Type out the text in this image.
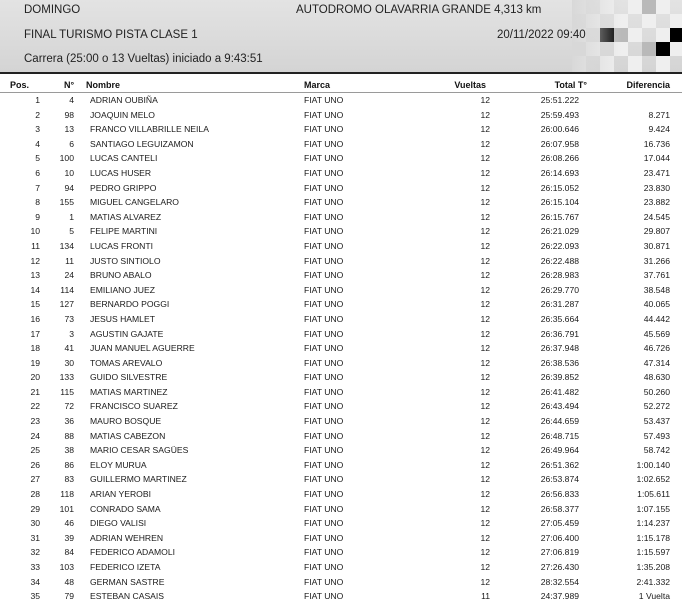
DOMINGO	AUTODROMO OLAVARRIA GRANDE 4,313 km
FINAL TURISMO PISTA CLASE 1	20/11/2022 09:40
Carrera (25:00 o 13 Vueltas) iniciado a 9:43:51
Pos.	N°	Nombre	Marca	Vueltas	Total T°	Diferencia
1	4 ADRIAN OUBIÑA	FIAT UNO	12	25:51.222
2	98 JOAQUIN MELO	FIAT UNO	12	25:59.493	8.271
3	13 FRANCO VILLABRILLE NEILA	FIAT UNO	12	26:00.646	9.424
4	6 SANTIAGO LEGUIZAMON	FIAT UNO	12	26:07.958	16.736
5	100 LUCAS CANTELI	FIAT UNO	12	26:08.266	17.044
6	10 LUCAS HUSER	FIAT UNO	12	26:14.693	23.471
7	94 PEDRO GRIPPO	FIAT UNO	12	26:15.052	23.830
8	155 MIGUEL CANGELARO	FIAT UNO	12	26:15.104	23.882
9	1 MATIAS ALVAREZ	FIAT UNO	12	26:15.767	24.545
10	5 FELIPE MARTINI	FIAT UNO	12	26:21.029	29.807
11	134 LUCAS FRONTI	FIAT UNO	12	26:22.093	30.871
12	11 JUSTO SINTIOLO	FIAT UNO	12	26:22.488	31.266
13	24 BRUNO ABALO	FIAT UNO	12	26:28.983	37.761
14	114 EMILIANO JUEZ	FIAT UNO	12	26:29.770	38.548
15	127 BERNARDO POGGI	FIAT UNO	12	26:31.287	40.065
16	73 JESUS HAMLET	FIAT UNO	12	26:35.664	44.442
17	3 AGUSTIN GAJATE	FIAT UNO	12	26:36.791	45.569
18	41 JUAN MANUEL AGUERRE	FIAT UNO	12	26:37.948	46.726
19	30 TOMAS AREVALO	FIAT UNO	12	26:38.536	47.314
20	133 GUIDO SILVESTRE	FIAT UNO	12	26:39.852	48.630
21	115 MATIAS MARTINEZ	FIAT UNO	12	26:41.482	50.260
22	72 FRANCISCO SUAREZ	FIAT UNO	12	26:43.494	52.272
23	36 MAURO BOSQUE	FIAT UNO	12	26:44.659	53.437
24	88 MATIAS CABEZON	FIAT UNO	12	26:48.715	57.493
25	38 MARIO CESAR SAGÜES	FIAT UNO	12	26:49.964	58.742
26	86 ELOY MURUA	FIAT UNO	12	26:51.362	1:00.140
27	83 GUILLERMO MARTINEZ	FIAT UNO	12	26:53.874	1:02.652
28	118 ARIAN YEROBI	FIAT UNO	12	26:56.833	1:05.611
29	101 CONRADO SAMA	FIAT UNO	12	26:58.377	1:07.155
30	46 DIEGO VALISI	FIAT UNO	12	27:05.459	1:14.237
31	39 ADRIAN WEHREN	FIAT UNO	12	27:06.400	1:15.178
32	84 FEDERICO ADAMOLI	FIAT UNO	12	27:06.819	1:15.597
33	103 FEDERICO IZETA	FIAT UNO	12	27:26.430	1:35.208
34	48 GERMAN SASTRE	FIAT UNO	12	28:32.554	2:41.332
35	79 ESTEBAN CASAIS	FIAT UNO	11	24:37.989	1 Vuelta
